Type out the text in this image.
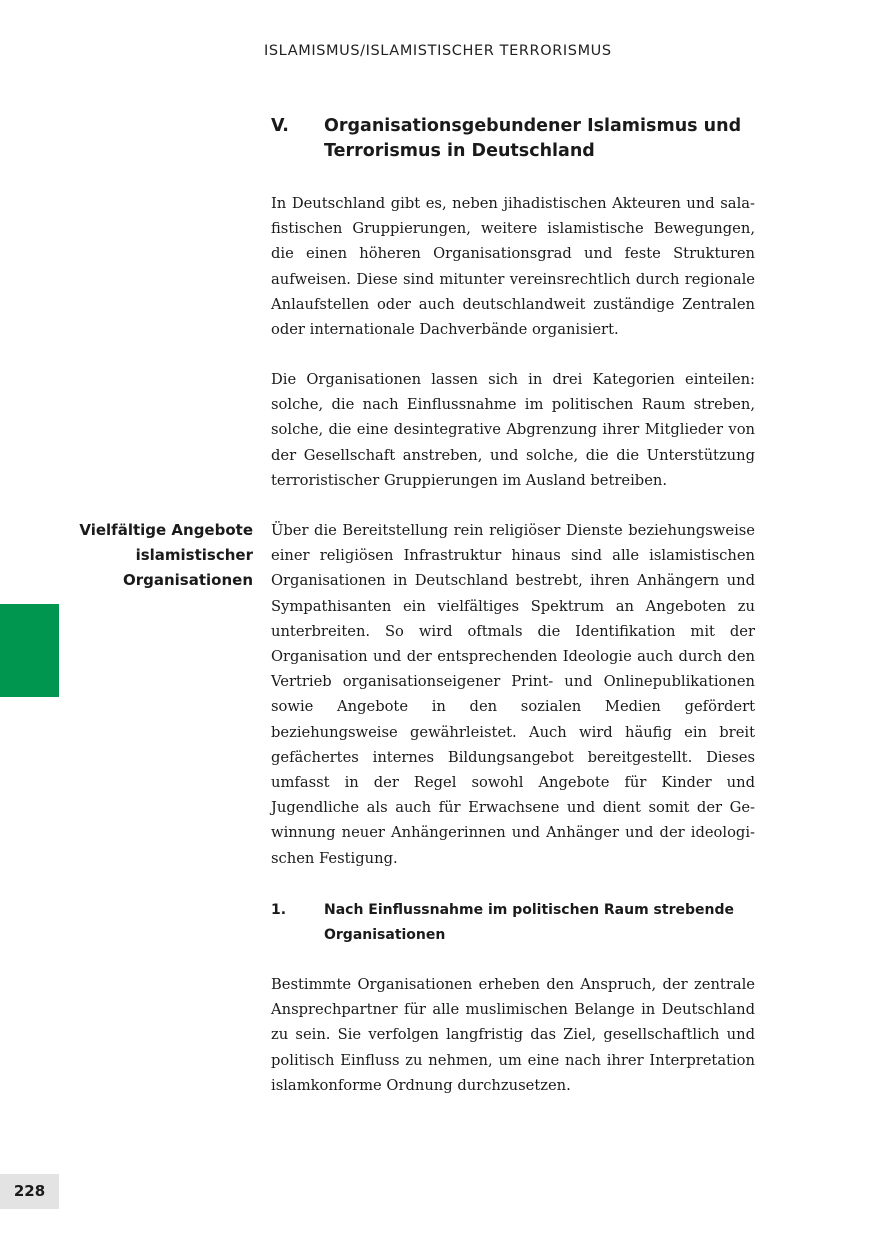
ISLAMISMUS/ISLAMISTISCHER TERRORISMUS
V. Organisationsgebundener Islamismus und Terrorismus in Deutschland

In Deutschland gibt es, neben jihadistischen Akteuren und salafistischen Gruppierungen, weitere islamistische Bewegungen, die einen höheren Organisationsgrad und feste Strukturen aufweisen. Diese sind mitunter vereinsrechtlich durch regionale Anlaufstellen oder auch deutschlandweit zuständige Zentralen oder internationale Dachverbände organisiert.

Die Organisationen lassen sich in drei Kategorien einteilen: solche, die nach Einflussnahme im politischen Raum streben, solche, die eine desintegrative Abgrenzung ihrer Mitglieder von der Gesellschaft anstreben, und solche, die die Unterstützung terroristischer Gruppierungen im Ausland betreiben.

Vielfältige Angebote islamistischer Organisationen

Über die Bereitstellung rein religiöser Dienste beziehungsweise einer religiösen Infrastruktur hinaus sind alle islamistischen Organisationen in Deutschland bestrebt, ihren Anhängern und Sympathisanten ein vielfältiges Spektrum an Angeboten zu unterbreiten. So wird oftmals die Identifikation mit der Organisation und der entsprechenden Ideologie auch durch den Vertrieb organisationseigener Print- und Onlinepublikationen sowie Angebote in den sozialen Medien gefördert beziehungsweise gewährleistet. Auch wird häufig ein breit gefächertes internes Bildungsangebot bereitgestellt. Dieses umfasst in der Regel sowohl Angebote für Kinder und Jugendliche als auch für Erwachsene und dient somit der Gewinnung neuer Anhängerinnen und Anhänger und der ideologischen Festigung.

1.	Nach Einflussnahme im politischen Raum strebende Organisationen

Bestimmte Organisationen erheben den Anspruch, der zentrale Ansprechpartner für alle muslimischen Belange in Deutschland zu sein. Sie verfolgen langfristig das Ziel, gesellschaftlich und politisch Einfluss zu nehmen, um eine nach ihrer Interpretation islamkonforme Ordnung durchzusetzen.

228
